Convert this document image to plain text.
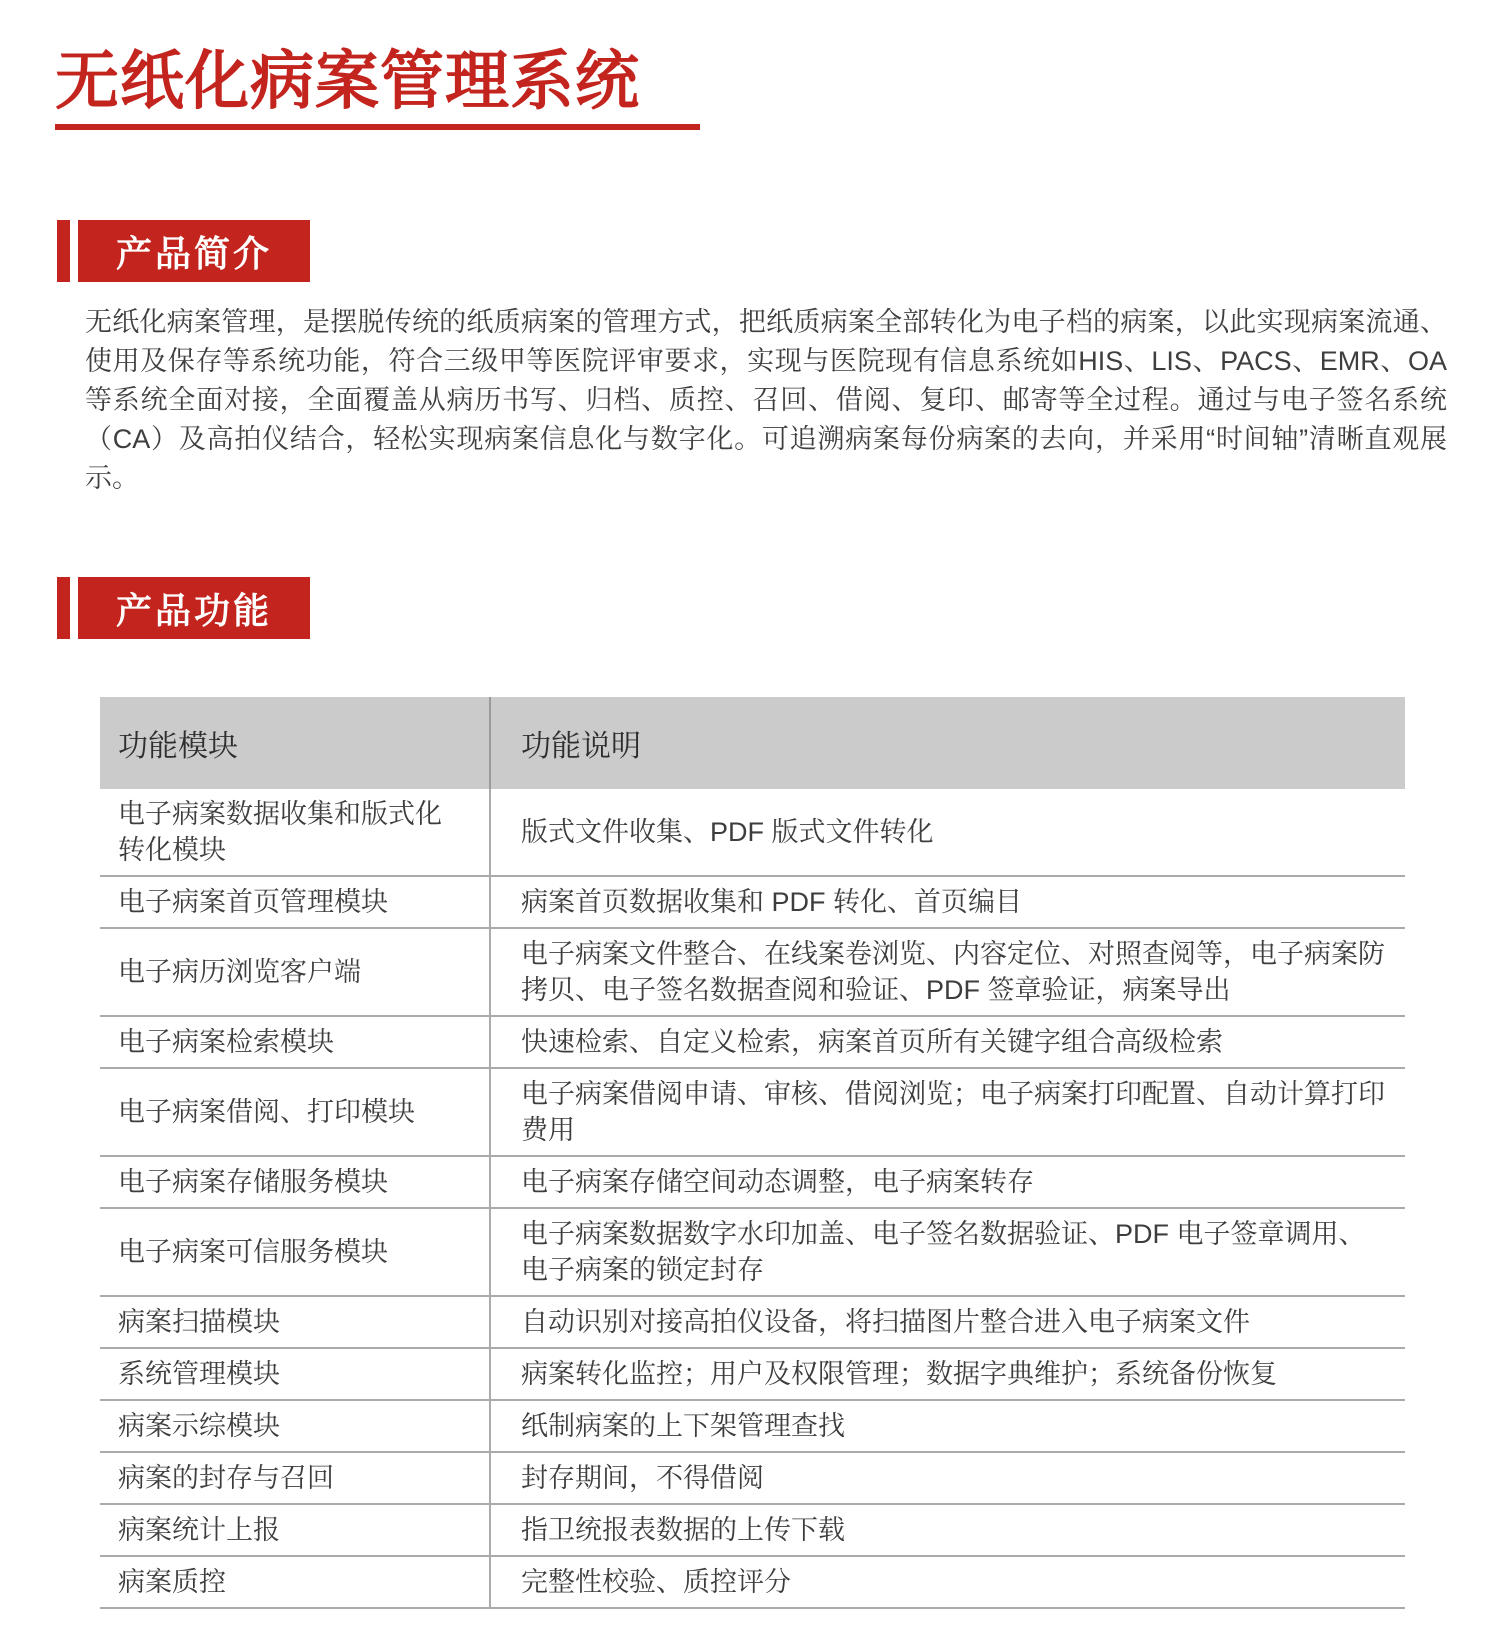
无纸化病案管理系统
产品简介

无纸化病案管理，是摆脱传统的纸质病案的管理方式，把纸质病案全部转化为电子档的病案，以此实现病案流通、使用及保存等系统功能，符合三级甲等医院评审要求，实现与医院现有信息系统如HIS、LIS、PACS、EMR、OA等系统全面对接，全面覆盖从病历书写、归档、质控、召回、借阅、复印、邮寄等全过程。通过与电子签名系统（CA）及高拍仪结合，轻松实现病案信息化与数字化。可追溯病案每份病案的去向，并采用“时间轴”清晰直观展示。

产品功能
功能模块	功能说明
电子病案数据收集和版式化转化模块	版式文件收集、PDF 版式文件转化
电子病案首页管理模块	病案首页数据收集和 PDF 转化、首页编目
电子病历浏览客户端	电子病案文件整合、在线案卷浏览、内容定位、对照查阅等，电子病案防拷贝、电子签名数据查阅和验证、PDF 签章验证，病案导出
电子病案检索模块	快速检索、自定义检索，病案首页所有关键字组合高级检索
电子病案借阅、打印模块	电子病案借阅申请、审核、借阅浏览；电子病案打印配置、自动计算打印费用
电子病案存储服务模块	电子病案存储空间动态调整，电子病案转存
电子病案可信服务模块	电子病案数据数字水印加盖、电子签名数据验证、PDF 电子签章调用、电子病案的锁定封存
病案扫描模块	自动识别对接高拍仪设备，将扫描图片整合进入电子病案文件
系统管理模块	病案转化监控；用户及权限管理；数据字典维护；系统备份恢复
病案示综模块	纸制病案的上下架管理查找
病案的封存与召回	封存期间，不得借阅
病案统计上报	指卫统报表数据的上传下载
病案质控	完整性校验、质控评分
